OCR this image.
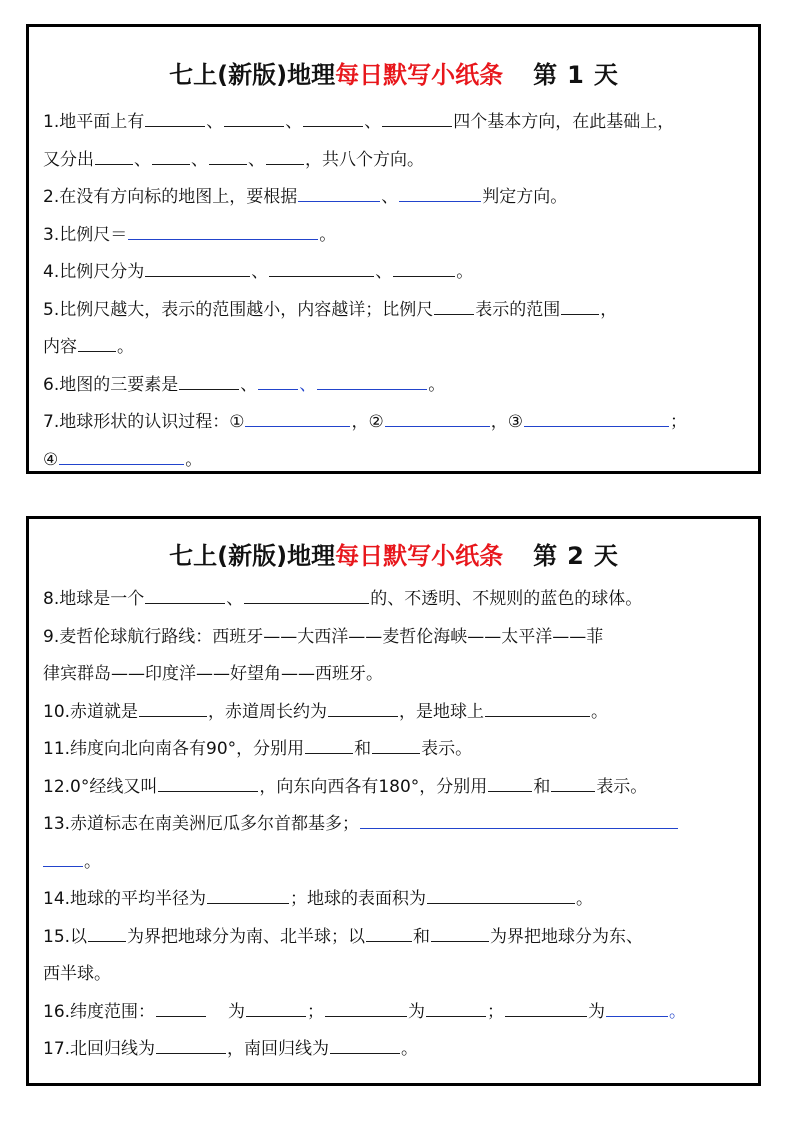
七上(新版)地理每日默写小纸条 第 1 天
1.地平面上有	、	、	、	四个基本方向，在此基础上，
又分出 、 、 、 ，共八个方向。
2.在没有方向标的地图上，要根据	、	判定方向。
3.比例尺＝	。
4.比例尺分为	、	、	。
5.比例尺越大，表示的范围越小，内容越详；比例尺 表示的范围 ，
内容 。
6.地图的三要素是	、 、	。
7.地球形状的认识过程：①	，②	，③	；
④	。
七上(新版)地理每日默写小纸条 第 2 天
8.地球是一个	、	的、不透明、不规则的蓝色的球体。
9.麦哲伦球航行路线：西班牙——大西洋——麦哲伦海峡——太平洋——菲
律宾群岛——印度洋——好望角——西班牙。
10.赤道就是	，赤道周长约为	，是地球上	。
11.纬度向北向南各有90°，分别用	和	表示。
12.0°经线又叫	，向东向西各有180°，分别用	和	表示。
13.赤道标志在南美洲厄瓜多尔首都基多；
。
14.地球的平均半径为	；地球的表面积为	。
15.以 为界把地球分为南、北半球；以	和	为界把地球分为东、
西半球。
16.纬度范围：	为	；	为	；	为	。
17.北回归线为	，南回归线为	。
